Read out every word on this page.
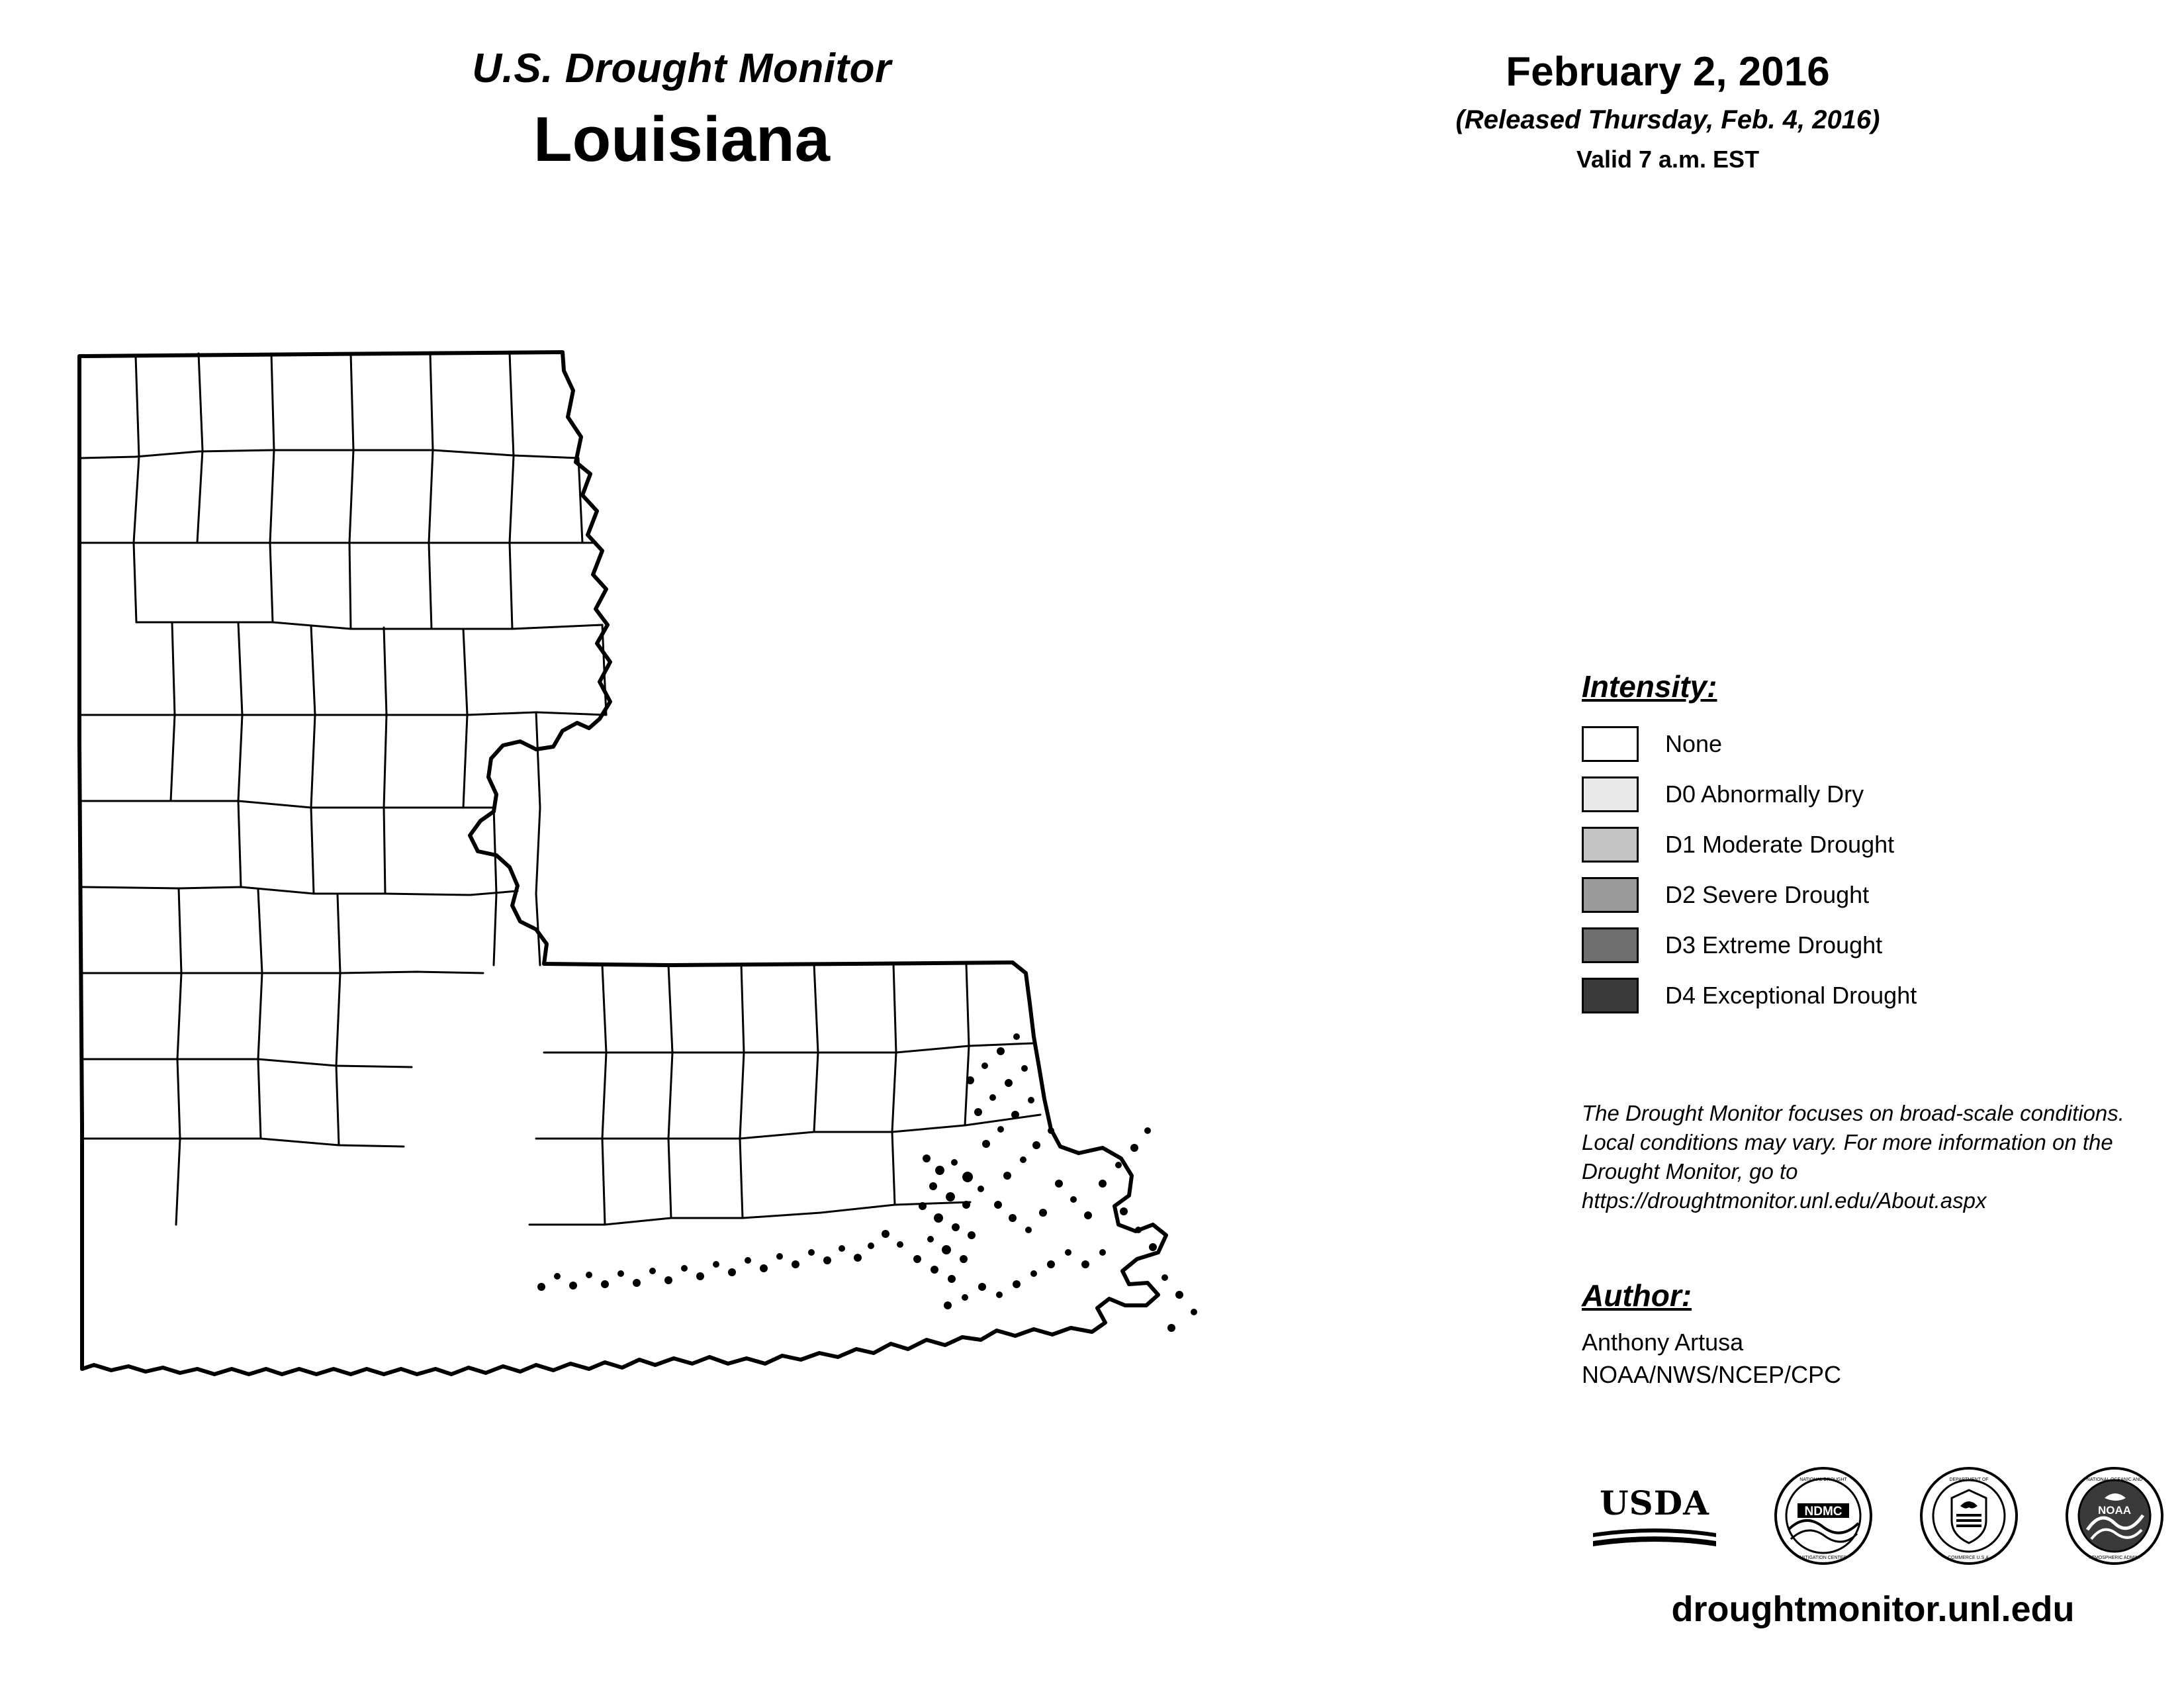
U.S. Drought Monitor
Louisiana
February 2, 2016
(Released Thursday, Feb. 4, 2016)
Valid 7 a.m. EST
Intensity:
None
D0 Abnormally Dry
D1 Moderate Drought
D2 Severe Drought
D3 Extreme Drought
D4 Exceptional Drought
The Drought Monitor focuses on broad-scale conditions. Local conditions may vary. For more information on the Drought Monitor, go to https://droughtmonitor.unl.edu/About.aspx
Author:
Anthony Artusa
NOAA/NWS/NCEP/CPC
USDA	NDMC
NATIONAL DROUGHT
MITIGATION CENTER
DEPARTMENT OF
COMMERCE U.S.A.
NOAA
NATIONAL OCEANIC AND
ATMOSPHERIC ADMIN.
droughtmonitor.unl.edu
